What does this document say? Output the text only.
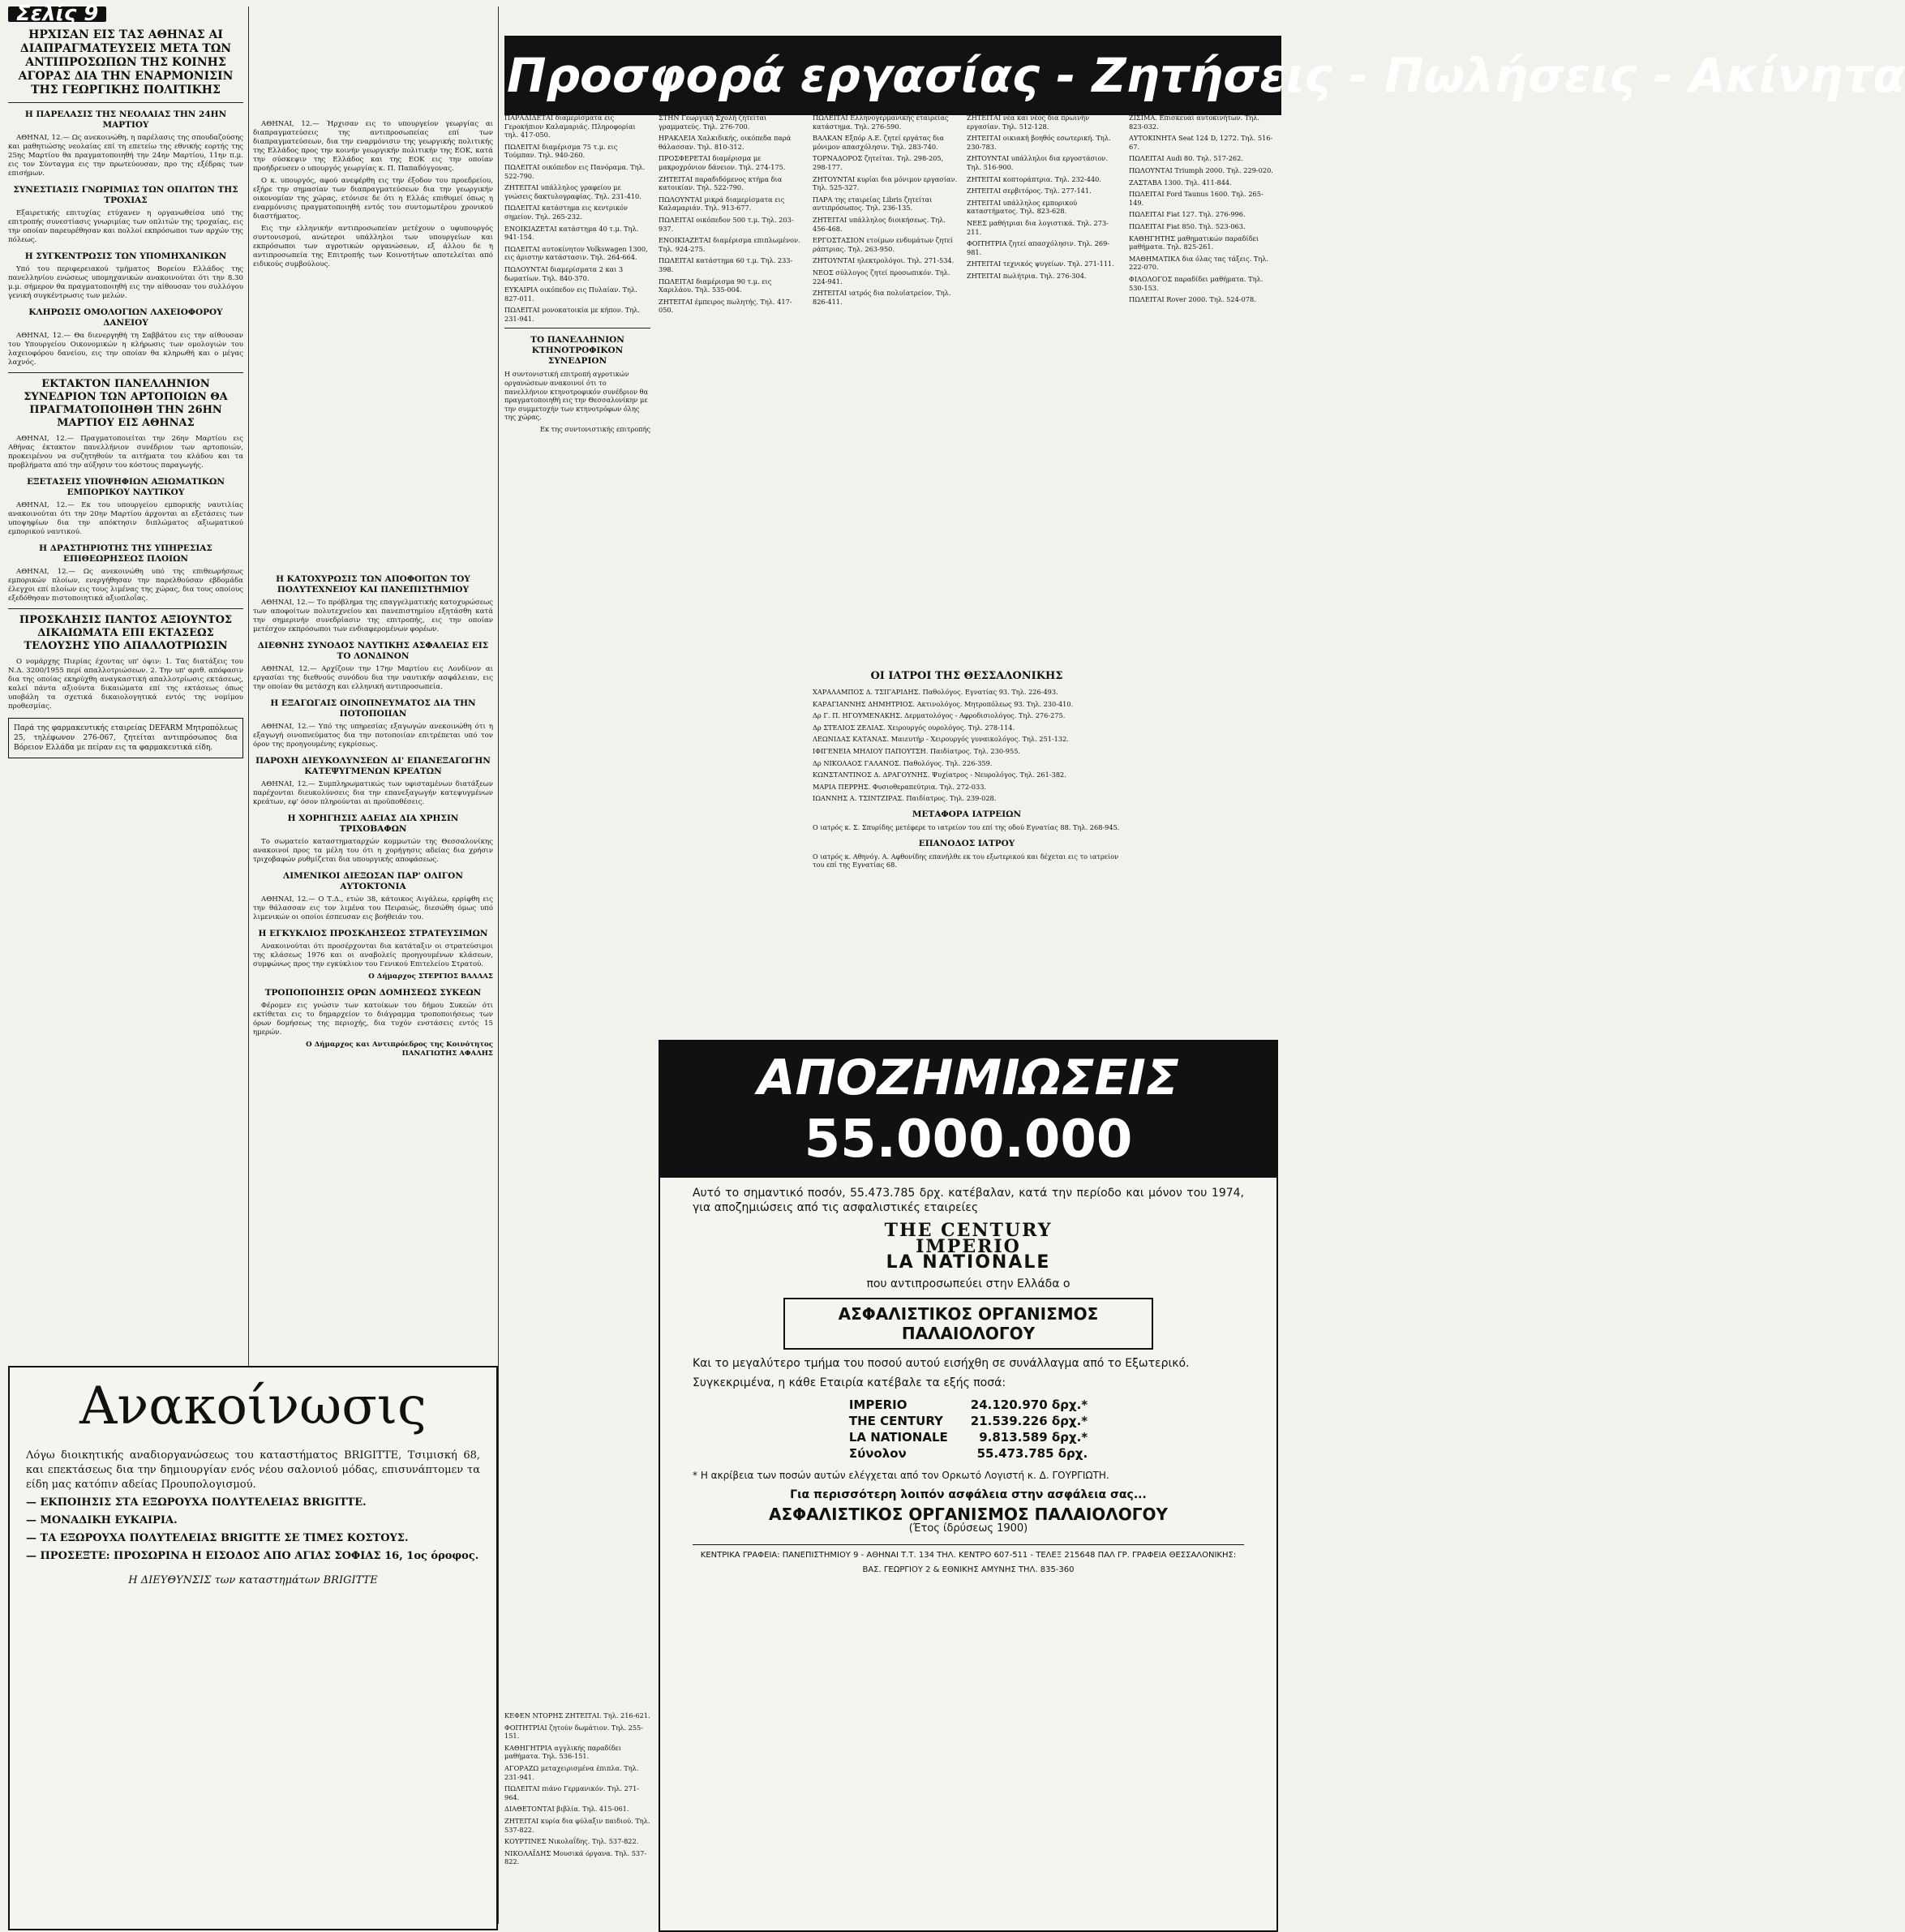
Σελίς 9
ΗΡΧΙΣΑΝ ΕΙΣ ΤΑΣ ΑΘΗΝΑΣ ΑΙ ΔΙΑΠΡΑΓΜΑΤΕΥΣΕΙΣ ΜΕΤΑ ΤΩΝ ΑΝΤΙΠΡΟΣΩΠΩΝ ΤΗΣ ΚΟΙΝΗΣ ΑΓΟΡΑΣ ΔΙΑ ΤΗΝ ΕΝΑΡΜΟΝΙΣΙΝ ΤΗΣ ΓΕΩΡΓΙΚΗΣ ΠΟΛΙΤΙΚΗΣ
Η ΠΑΡΕΛΑΣΙΣ ΤΗΣ ΝΕΟΛΑΙΑΣ ΤΗΝ 24ΗΝ ΜΑΡΤΙΟΥ

ΑΘΗΝΑΙ, 12.— Ως ανεκοινώθη, η παρέλασις της σπουδαζούσης και μαθητιώσης νεολαίας επί τη επετείω της εθνικής εορτής της 25ης Μαρτίου θα πραγματοποιηθή την 24ην Μαρτίου, 11ην π.μ. εις τον Σύνταγμα εις την πρωτεύουσαν, προ της εξέδρας των επισήμων.

ΣΥΝΕΣΤΙΑΣΙΣ ΓΝΩΡΙΜΙΑΣ ΤΩΝ ΟΠΛΙΤΩΝ ΤΗΣ ΤΡΟΧΙΑΣ

Εξαιρετικής επιτυχίας ετύχανεν η οργανωθείσα υπό της επιτροπής συνεστίασις γνωριμίας των οπλιτών της τροχαίας, εις την οποίαν παρευρέθησαν και πολλοί εκπρόσωποι των αρχών της πόλεως.

Η ΣΥΓΚΕΝΤΡΩΣΙΣ ΤΩΝ ΥΠΟΜΗΧΑΝΙΚΩΝ

Υπό του περιφερειακού τμήματος Βορείου Ελλάδος της πανελληνίου ενώσεως υπομηχανικών ανακοινούται ότι την 8.30 μ.μ. σήμερον θα πραγματοποιηθή εις την αίθουσαν του συλλόγου γενική συγκέντρωσις των μελών.

ΚΛΗΡΩΣΙΣ ΟΜΟΛΟΓΙΩΝ ΛΑΧΕΙΟΦΟΡΟΥ ΔΑΝΕΙΟΥ

ΑΘΗΝΑΙ, 12.— Θα διενεργηθή τη Σαββάτου εις την αίθουσαν του Υπουργείου Οικονομικών η κλήρωσις των ομολογιών του λαχειοφόρου δανείου, εις την οποίαν θα κληρωθή και ο μέγας λαχνός.

ΕΚΤΑΚΤΟΝ ΠΑΝΕΛΛΗΝΙΟΝ ΣΥΝΕΔΡΙΟΝ ΤΩΝ ΑΡΤΟΠΟΙΩΝ ΘΑ ΠΡΑΓΜΑΤΟΠΟΙΗΘΗ ΤΗΝ 26ΗΝ ΜΑΡΤΙΟΥ ΕΙΣ ΑΘΗΝΑΣ

ΑΘΗΝΑΙ, 12.— Πραγματοποιείται την 26ην Μαρτίου εις Αθήνας έκτακτον πανελλήνιον συνέδριον των αρτοποιών, προκειμένου να συζητηθούν τα αιτήματα του κλάδου και τα προβλήματα από την αύξησιν του κόστους παραγωγής.

ΕΞΕΤΑΣΕΙΣ ΥΠΟΨΗΦΙΩΝ ΑΞΙΩΜΑΤΙΚΩΝ ΕΜΠΟΡΙΚΟΥ ΝΑΥΤΙΚΟΥ

ΑΘΗΝΑΙ, 12.— Εκ του υπουργείου εμπορικής ναυτιλίας ανακοινούται ότι την 20ην Μαρτίου άρχονται αι εξετάσεις των υποψηφίων δια την απόκτησιν διπλώματος αξιωματικού εμπορικού ναυτικού.

Η ΔΡΑΣΤΗΡΙΟΤΗΣ ΤΗΣ ΥΠΗΡΕΣΙΑΣ ΕΠΙΘΕΩΡΗΣΕΩΣ ΠΛΟΙΩΝ

ΑΘΗΝΑΙ, 12.— Ως ανεκοινώθη υπό της επιθεωρήσεως εμπορικών πλοίων, ενεργήθησαν την παρελθούσαν εβδομάδα έλεγχοι επί πλοίων εις τους λιμένας της χώρας, δια τους οποίους εξεδόθησαν πιστοποιητικά αξιοπλοΐας.

ΠΡΟΣΚΛΗΣΙΣ ΠΑΝΤΟΣ ΑΞΙΟΥΝΤΟΣ ΔΙΚΑΙΩΜΑΤΑ ΕΠΙ ΕΚΤΑΣΕΩΣ ΤΕΛΟΥΣΗΣ ΥΠΟ ΑΠΑΛΛΟΤΡΙΩΣΙΝ

Ο νομάρχης Πιερίας έχοντας υπ' όψιν: 1. Τας διατάξεις του Ν.Δ. 3200/1955 περί απαλλοτριώσεων. 2. Την υπ' αριθ. απόφασιν δια της οποίας εκηρύχθη αναγκαστική απαλλοτρίωσις εκτάσεως, καλεί πάντα αξιούντα δικαιώματα επί της εκτάσεως όπως υποβάλη τα σχετικά δικαιολογητικά εντός της νομίμου προθεσμίας.

Παρά της φαρμακευτικής εταιρείας DEFARM Μητροπόλεως 25, τηλέφωνον 276-067, ζητείται αντιπρόσωπος δια Βόρειον Ελλάδα με πείραν εις τα φαρμακευτικά είδη.

ΑΘΗΝΑΙ, 12.— Ήρχισαν εις το υπουργείον γεωργίας αι διαπραγματεύσεις της αντιπροσωπείας επί των διαπραγματεύσεων, δια την εναρμόνισιν της γεωργικής πολιτικής της Ελλάδος προς την κοινήν γεωργικήν πολιτικήν της ΕΟΚ, κατά την σύσκεψιν της Ελλάδος και της ΕΟΚ εις την οποίαν προήδρευσεν ο υπουργός γεωργίας κ. Π. Παπαδόγγονας.

Ο κ. υπουργός, αφού ανεφέρθη εις την έξοδον του προεδρείου, εξήρε την σημασίαν των διαπραγματεύσεων δια την γεωργικήν οικονομίαν της χώρας, ετόνισε δε ότι η Ελλάς επιθυμεί όπως η εναρμόνισις πραγματοποιηθή εντός του συντομωτέρου χρονικού διαστήματος.

Εις την ελληνικήν αντιπροσωπείαν μετέχουν ο υφυπουργός συντονισμού, ανώτεροι υπάλληλοι των υπουργείων και εκπρόσωποι των αγροτικών οργανώσεων, εξ άλλου δε η αντιπροσωπεία της Επιτροπής των Κοινοτήτων αποτελείται από ειδικούς συμβούλους.

Προσφορά εργασίας - Ζητήσεις - Πωλήσεις - Ακίνητα
Η ΚΑΤΟΧΥΡΩΣΙΣ ΤΩΝ ΑΠΟΦΟΙΤΩΝ ΤΟΥ ΠΟΛΥΤΕΧΝΕΙΟΥ ΚΑΙ ΠΑΝΕΠΙΣΤΗΜΙΟΥ

ΑΘΗΝΑΙ, 12.— Το πρόβλημα της επαγγελματικής κατοχυρώσεως των αποφοίτων πολυτεχνείου και πανεπιστημίου εξητάσθη κατά την σημερινήν συνεδρίασιν της επιτροπής, εις την οποίαν μετέσχον εκπρόσωποι των ενδιαφερομένων φορέων.

ΔΙΕΘΝΗΣ ΣΥΝΟΔΟΣ ΝΑΥΤΙΚΗΣ ΑΣΦΑΛΕΙΑΣ ΕΙΣ ΤΟ ΛΟΝΔΙΝΟΝ

ΑΘΗΝΑΙ, 12.— Αρχίζουν την 17ην Μαρτίου εις Λονδίνον αι εργασίαι της διεθνούς συνόδου δια την ναυτικήν ασφάλειαν, εις την οποίαν θα μετάσχη και ελληνική αντιπροσωπεία.

Η ΕΞΑΓΩΓΑΙΣ ΟΙΝΟΠΝΕΥΜΑΤΟΣ ΔΙΑ ΤΗΝ ΠΟΤΟΠΟΙΙΑΝ

ΑΘΗΝΑΙ, 12.— Υπό της υπηρεσίας εξαγωγών ανεκοινώθη ότι η εξαγωγή οινοπνεύματος δια την ποτοποιίαν επιτρέπεται υπό τον όρον της προηγουμένης εγκρίσεως.

ΠΑΡΟΧΗ ΔΙΕΥΚΟΛΥΝΣΕΩΝ ΔΙ' ΕΠΑΝΕΞΑΓΩΓΗΝ ΚΑΤΕΨΥΓΜΕΝΩΝ ΚΡΕΑΤΩΝ

ΑΘΗΝΑΙ, 12.— Συμπληρωματικώς των υφισταμένων διατάξεων παρέχονται διευκολύνσεις δια την επανεξαγωγήν κατεψυγμένων κρεάτων, εφ' όσον πληρούνται αι προϋποθέσεις.

Η ΧΟΡΗΓΗΣΙΣ ΑΔΕΙΑΣ ΔΙΑ ΧΡΗΣΙΝ ΤΡΙΧΟΒΑΦΩΝ

Το σωματείο καταστηματαρχών κομμωτών της Θεσσαλονίκης ανακοινοί προς τα μέλη του ότι η χορήγησις αδείας δια χρήσιν τριχοβαφών ρυθμίζεται δια υπουργικής αποφάσεως.

ΛΙΜΕΝΙΚΟΙ ΔΙΕΞΩΣΑΝ ΠΑΡ' ΟΛΙΓΟΝ ΑΥΤΟΚΤΟΝΙΑ

ΑΘΗΝΑΙ, 12.— Ο Τ.Δ., ετών 38, κάτοικος Αιγάλεω, ερρίφθη εις την θάλασσαν εις τον λιμένα του Πειραιώς, διεσώθη όμως υπό λιμενικών οι οποίοι έσπευσαν εις βοήθειάν του.

Η ΕΓΚΥΚΛΙΟΣ ΠΡΟΣΚΛΗΣΕΩΣ ΣΤΡΑΤΕΥΣΙΜΩΝ

Ανακοινούται ότι προσέρχονται δια κατάταξιν οι στρατεύσιμοι της κλάσεως 1976 και οι αναβολείς προηγουμένων κλάσεων, συμφώνως προς την εγκύκλιον του Γενικού Επιτελείου Στρατού.

Ο Δήμαρχος ΣΤΕΡΓΙΟΣ ΒΑΛΛΑΣ
ΤΡΟΠΟΠΟΙΗΣΙΣ ΟΡΩΝ ΔΟΜΗΣΕΩΣ ΣΥΚΕΩΝ

Φέρομεν εις γνώσιν των κατοίκων του δήμου Συκεών ότι εκτίθεται εις το δημαρχείον το διάγραμμα τροποποιήσεως των όρων δομήσεως της περιοχής, δια τυχόν ενστάσεις εντός 15 ημερών.

Ο Δήμαρχος και Αντιπρόεδρος της Κοινότητος ΠΑΝΑΓΙΩΤΗΣ ΑΦΑΛΗΣ
ΠΑΡΑΔΙΔΕΤΑΙ διαμερίσματα εις Γεροκήπιον Καλαμαριάς. Πληροφορίαι τηλ. 417-050.
ΠΩΛΕΙΤΑΙ διαμέρισμα 75 τ.μ. εις Τούμπαν. Τηλ. 940-260.
ΠΩΛΕΙΤΑΙ οικόπεδον εις Πανόραμα. Τηλ. 522-790.
ΖΗΤΕΙΤΑΙ υπάλληλος γραφείου με γνώσεις δακτυλογραφίας. Τηλ. 231-410.
ΠΩΛΕΙΤΑΙ κατάστημα εις κεντρικόν σημείον. Τηλ. 265-232.
ΕΝΟΙΚΙΑΖΕΤΑΙ κατάστημα 40 τ.μ. Τηλ. 941-154.
ΠΩΛΕΙΤΑΙ αυτοκίνητον Volkswagen 1300, εις άριστην κατάστασιν. Τηλ. 264-664.
ΠΩΛΟΥΝΤΑΙ διαμερίσματα 2 και 3 δωματίων. Τηλ. 840-370.
ΕΥΚΑΙΡΙΑ οικόπεδον εις Πυλαίαν. Τηλ. 827-011.
ΠΩΛΕΙΤΑΙ μονοκατοικία με κήπον. Τηλ. 231-941.
ΤΟ ΠΑΝΕΛΛΗΝΙΟΝ ΚΤΗΝΟΤΡΟΦΙΚΟΝ ΣΥΝΕΔΡΙΟΝ
Η συντονιστική επιτροπή αγροτικών οργανώσεων ανακοινοί ότι το πανελλήνιον κτηνοτροφικόν συνέδριον θα πραγματοποιηθή εις την Θεσσαλονίκην με την συμμετοχήν των κτηνοτρόφων όλης της χώρας.
Εκ της συντονιστικής επιτροπής
ΣΤΗΝ Γεωργική Σχολή ζητείται γραμματεύς. Τηλ. 276-700.
ΗΡΑΚΛΕΙΑ Χαλκιδικής, οικόπεδα παρά θάλασσαν. Τηλ. 810-312.
ΠΡΟΣΦΕΡΕΤΑΙ διαμέρισμα με μακροχρόνιον δάνειον. Τηλ. 274-175.
ΖΗΤΕΙΤΑΙ παραδιδόμενος κτήμα δια κατοικίαν. Τηλ. 522-790.
ΠΩΛΟΥΝΤΑΙ μικρά διαμερίσματα εις Καλαμαριάν. Τηλ. 913-677.
ΠΩΛΕΙΤΑΙ οικόπεδον 500 τ.μ. Τηλ. 203-937.
ΕΝΟΙΚΙΑΖΕΤΑΙ διαμέρισμα επιπλωμένον. Τηλ. 924-275.
ΠΩΛΕΙΤΑΙ κατάστημα 60 τ.μ. Τηλ. 233-398.
ΠΩΛΕΙΤΑΙ διαμέρισμα 90 τ.μ. εις Χαριλάου. Τηλ. 535-004.
ΖΗΤΕΙΤΑΙ έμπειρος πωλητής. Τηλ. 417-050.
ΠΩΛΕΙΤΑΙ Ελληνογερμανικής εταιρείας κατάστημα. Τηλ. 276-590.
ΒΑΛΚΑΝ Εξπόρ Α.Ε. ζητεί εργάτας δια μόνιμον απασχόλησιν. Τηλ. 283-740.
ΤΟΡΝΑΔΟΡΟΣ ζητείται. Τηλ. 298-205, 298-177.
ΖΗΤΟΥΝΤΑΙ κυρίαι δια μόνιμον εργασίαν. Τηλ. 525-327.
ΠΑΡΑ της εταιρείας Libris ζητείται αντιπρόσωπος. Τηλ. 236-135.
ΖΗΤΕΙΤΑΙ υπάλληλος διοικήσεως. Τηλ. 456-468.
ΕΡΓΟΣΤΑΣΙΟΝ ετοίμων ενδυμάτων ζητεί ράπτριας. Τηλ. 263-950.
ΖΗΤΟΥΝΤΑΙ ηλεκτρολόγοι. Τηλ. 271-534.
ΝΕΟΣ σύλλογος ζητεί προσωπικόν. Τηλ. 224-941.
ΖΗΤΕΙΤΑΙ ιατρός δια πολυϊατρείον. Τηλ. 826-411.
ΖΗΤΕΙΤΑΙ νέα και νέος δια πρωινήν εργασίαν. Τηλ. 512-128.
ΖΗΤΕΙΤΑΙ οικιακή βοηθός εσωτερική. Τηλ. 230-783.
ΖΗΤΟΥΝΤΑΙ υπάλληλοι δια εργοστάσιον. Τηλ. 516-900.
ΖΗΤΕΙΤΑΙ κοπτοράπτρια. Τηλ. 232-440.
ΖΗΤΕΙΤΑΙ σερβιτόρος. Τηλ. 277-141.
ΖΗΤΕΙΤΑΙ υπάλληλος εμπορικού καταστήματος. Τηλ. 823-628.
ΝΕΕΣ μαθήτριαι δια λογιστικά. Τηλ. 273-211.
ΦΟΙΤΗΤΡΙΑ ζητεί απασχόλησιν. Τηλ. 269-981.
ΖΗΤΕΙΤΑΙ τεχνικός ψυγείων. Τηλ. 271-111.
ΖΗΤΕΙΤΑΙ πωλήτρια. Τηλ. 276-304.
ΖΙΣΙΜΑ. Επισκευαί αυτοκινήτων. Τηλ. 823-032.
ΑΥΤΟΚΙΝΗΤΑ Seat 124 D, 1272. Τηλ. 516-67.
ΠΩΛΕΙΤΑΙ Audi 80. Τηλ. 517-262.
ΠΩΛΟΥΝΤΑΙ Triumph 2000. Τηλ. 229-020.
ΖΑΣΤΑΒΑ 1300. Τηλ. 411-844.
ΠΩΛΕΙΤΑΙ Ford Taunus 1600. Τηλ. 265-149.
ΠΩΛΕΙΤΑΙ Fiat 127. Τηλ. 276-996.
ΠΩΛΕΙΤΑΙ Fiat 850. Τηλ. 523-063.
ΚΑΘΗΓΗΤΗΣ μαθηματικών παραδίδει μαθήματα. Τηλ. 825-261.
ΜΑΘΗΜΑΤΙΚΑ δια όλας τας τάξεις. Τηλ. 222-070.
ΦΙΛΟΛΟΓΟΣ παραδίδει μαθήματα. Τηλ. 530-153.
ΠΩΛΕΙΤΑΙ Rover 2000. Τηλ. 524-078.
ΟΙ ΙΑΤΡΟΙ ΤΗΣ ΘΕΣΣΑΛΟΝΙΚΗΣ
ΧΑΡΑΛΑΜΠΟΣ Δ. ΤΣΙΓΑΡΙΔΗΣ. Παθολόγος. Εγνατίας 93. Τηλ. 226-493.
ΚΑΡΑΓΙΑΝΝΗΣ ΔΗΜΗΤΡΙΟΣ. Ακτινολόγος. Μητροπόλεως 93. Τηλ. 230-410.
Δρ Γ. Π. ΗΓΟΥΜΕΝΑΚΗΣ. Δερματολόγος - Αφροδισιολόγος. Τηλ. 276-275.
Δρ ΣΤΕΛΙΟΣ ΖΕΛΙΑΣ. Χειρουργός ουρολόγος. Τηλ. 278-114.
ΛΕΩΝΙΔΑΣ ΚΑΤΑΝΑΣ. Μαιευτήρ - Χειρουργός γυναικολόγος. Τηλ. 251-132.
ΙΦΙΓΕΝΕΙΑ ΜΗΛΙΟΥ ΠΑΠΟΥΤΣΗ. Παιδίατρος. Τηλ. 230-955.
Δρ ΝΙΚΟΛΑΟΣ ΓΑΛΑΝΟΣ. Παθολόγος. Τηλ. 226-359.
ΚΩΝΣΤΑΝΤΙΝΟΣ Δ. ΔΡΑΓΟΥΝΗΣ. Ψυχίατρος - Νευρολόγος. Τηλ. 261-382.
ΜΑΡΙΑ ΠΕΡΡΗΣ. Φυσιοθεραπεύτρια. Τηλ. 272-033.
ΙΩΑΝΝΗΣ Α. ΤΣΙΝΤΖΙΡΑΣ. Παιδίατρος. Τηλ. 239-028.
ΜΕΤΑΦΟΡΑ ΙΑΤΡΕΙΩΝ
Ο ιατρός κ. Σ. Σπυρίδης μετέφερε το ιατρείον του επί της οδού Εγνατίας 88. Τηλ. 268-945.
ΕΠΑΝΟΔΟΣ ΙΑΤΡΟΥ
Ο ιατρός κ. Αθηνόγ. Α. Αφθονίδης επανήλθε εκ του εξωτερικού και δέχεται εις το ιατρείον του επί της Εγνατίας 68.
ΑΠΟΖΗΜΙΩΣΕΙΣ
55.000.000
Αυτό το σημαντικό ποσόν, 55.473.785 δρχ. κατέβαλαν, κατά την περίοδο και μόνον του 1974, για αποζημιώσεις από τις ασφαλιστικές εταιρείες
THE CENTURY
IMPERIO
LA NATIONALE
που αντιπροσωπεύει στην Ελλάδα ο
ΑΣΦΑΛΙΣΤΙΚΟΣ ΟΡΓΑΝΙΣΜΟΣ ΠΑΛΑΙΟΛΟΓΟΥ
Και το μεγαλύτερο τμήμα του ποσού αυτού εισήχθη σε συνάλλαγμα από το Εξωτερικό.
Συγκεκριμένα, η κάθε Εταιρία κατέβαλε τα εξής ποσά:
IMPERIO	24.120.970 δρχ.*
THE CENTURY	21.539.226 δρχ.*
LA NATIONALE	9.813.589 δρχ.*
Σύνολον	55.473.785 δρχ.
* Η ακρίβεια των ποσών αυτών ελέγχεται από τον Ορκωτό Λογιστή κ. Δ. ΓΟΥΡΓΙΩΤΗ.
Για περισσότερη λοιπόν ασφάλεια στην ασφάλεια σας...
ΑΣΦΑΛΙΣΤΙΚΟΣ ΟΡΓΑΝΙΣΜΟΣ ΠΑΛΑΙΟΛΟΓΟΥ
(Έτος ίδρύσεως 1900)
ΚΕΝΤΡΙΚΑ ΓΡΑΦΕΙΑ: ΠΑΝΕΠΙΣΤΗΜΙΟΥ 9 - ΑΘΗΝΑΙ Τ.Τ. 134 ΤΗΛ. ΚΕΝΤΡΟ 607-511 - ΤΕΛΕΞ 215648 ΠΑΛ ΓΡ. ΓΡΑΦΕΙΑ ΘΕΣΣΑΛΟΝΙΚΗΣ: ΒΑΣ. ΓΕΩΡΓΙΟΥ 2 & ΕΘΝΙΚΗΣ ΑΜΥΝΗΣ ΤΗΛ. 835-360
Ανακοίνωσις
Λόγω διοικητικής αναδιοργανώσεως του καταστήματος BRIGITTE, Τσιμισκή 68, και επεκτάσεως δια την δημιουργίαν ενός νέου σαλονιού μόδας, επισυνάπτομεν τα είδη μας κατόπιν αδείας Προυπολογισμού.
— ΕΚΠΟΙΗΣΙΣ ΣΤΑ ΕΞΩΡΟΥΧΑ ΠΟΛΥΤΕΛΕΙΑΣ BRIGITTE.
— ΜΟΝΑΔΙΚΗ ΕΥΚΑΙΡΙΑ.
— ΤΑ ΕΞΩΡΟΥΧΑ ΠΟΛΥΤΕΛΕΙΑΣ BRIGITTE ΣΕ ΤΙΜΕΣ ΚΟΣΤΟΥΣ.
— ΠΡΟΣΕΞΤΕ: ΠΡΟΣΩΡΙΝΑ Η ΕΙΣΟΔΟΣ ΑΠΟ ΑΓΙΑΣ ΣΟΦΙΑΣ 16, 1ος όροφος.
Η ΔΙΕΥΘΥΝΣΙΣ των καταστημάτων BRIGITTE
ΚΕΦΕΝ ΝΤΟΡΗΣ ΖΗΤΕΙΤΑΙ. Τηλ. 216-621.
ΦΟΙΤΗΤΡΙΑΙ ζητούν δωμάτιον. Τηλ. 255-151.
ΚΑΘΗΓΗΤΡΙΑ αγγλικής παραδίδει μαθήματα. Τηλ. 536-151.
ΑΓΟΡΑΖΩ μεταχειρισμένα έπιπλα. Τηλ. 231-941.
ΠΩΛΕΙΤΑΙ πιάνο Γερμανικόν. Τηλ. 271-964.
ΔΙΑΘΕΤΟΝΤΑΙ βιβλία. Τηλ. 415-061.
ΖΗΤΕΙΤΑΙ κυρία δια φύλαξιν παιδιού. Τηλ. 537-822.
ΚΟΥΡΤΙΝΕΣ Νικολαΐδης. Τηλ. 537-822.
ΝΙΚΟΛΑΪΔΗΣ Μουσικά όργανα. Τηλ. 537-822.
